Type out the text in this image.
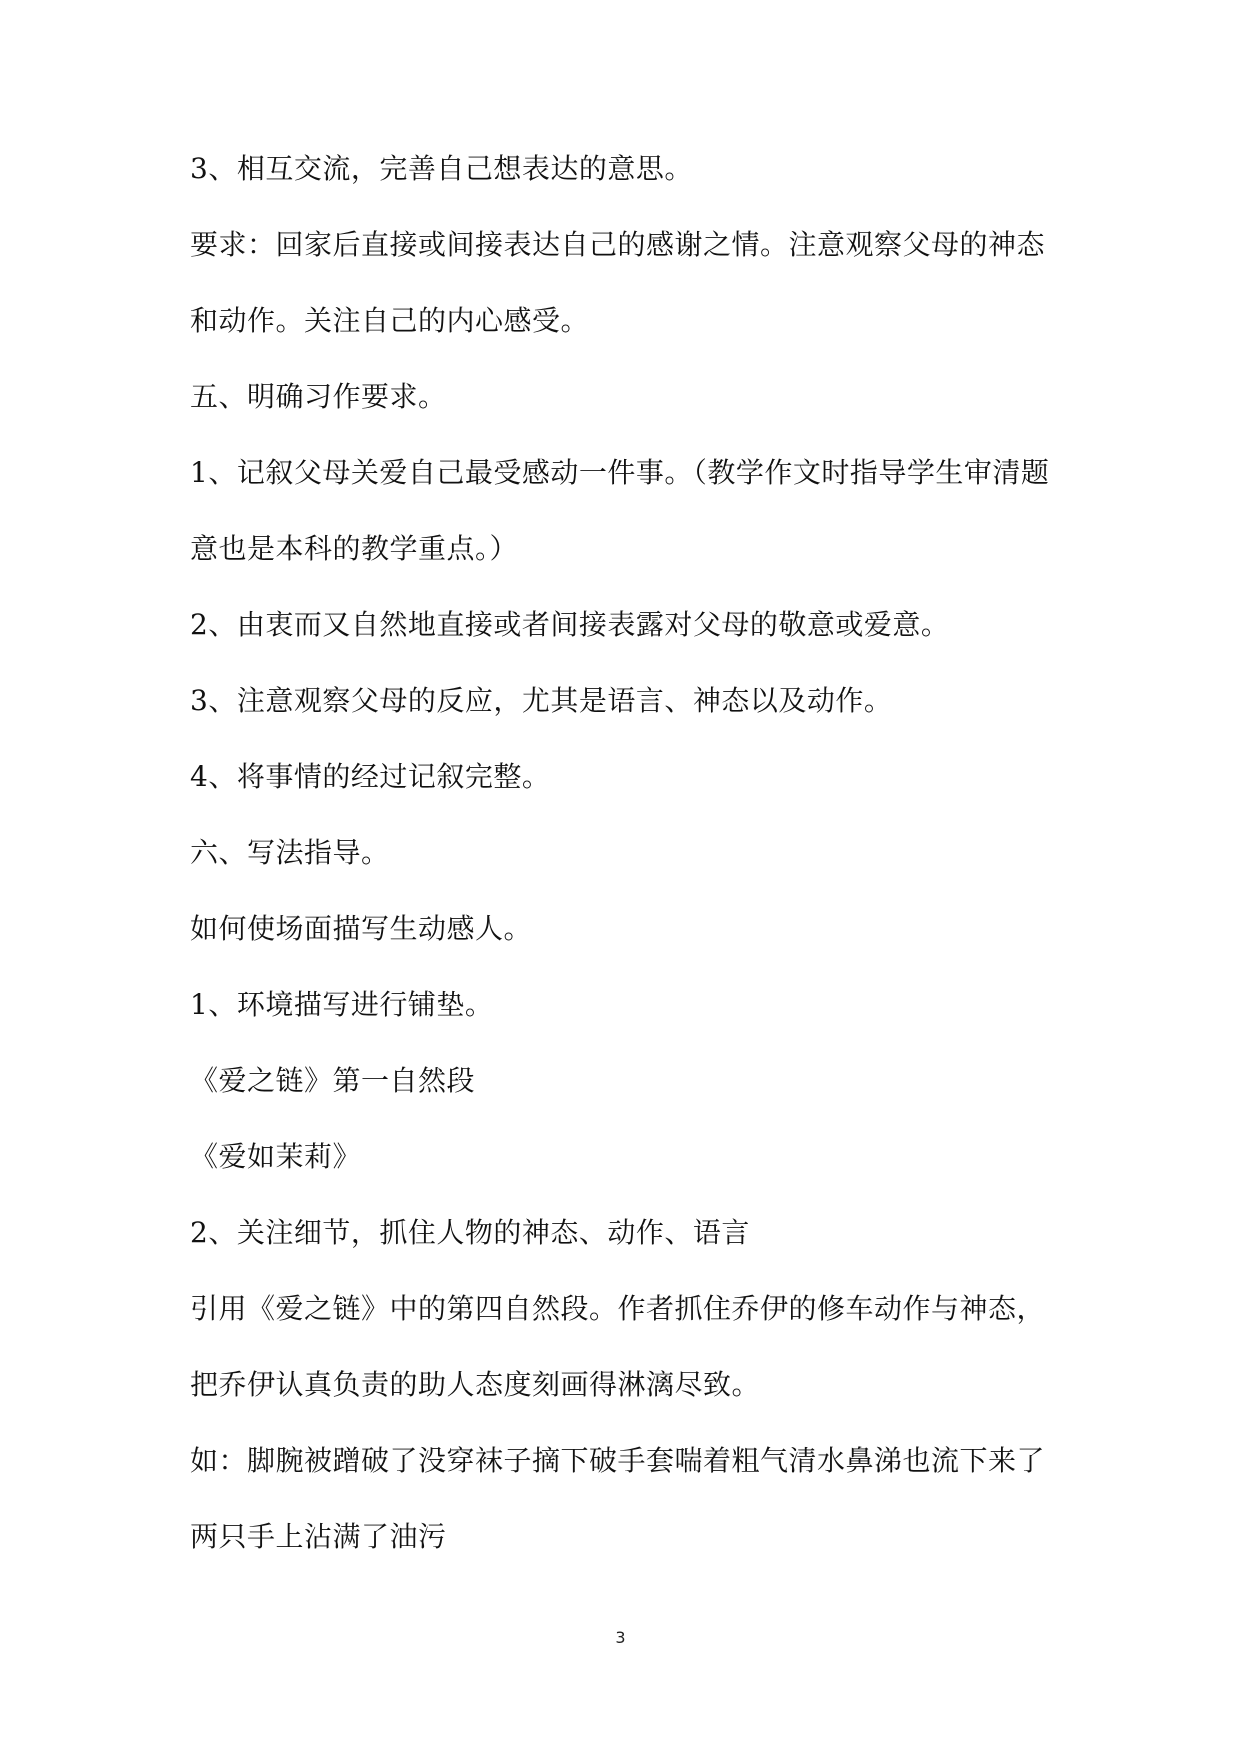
3、相互交流，完善自己想表达的意思。
要求：回家后直接或间接表达自己的感谢之情。注意观察父母的神态
和动作。关注自己的内心感受。
五、明确习作要求。
1、记叙父母关爱自己最受感动一件事。（教学作文时指导学生审清题
意也是本科的教学重点。）
2、由衷而又自然地直接或者间接表露对父母的敬意或爱意。
3、注意观察父母的反应，尤其是语言、神态以及动作。
4、将事情的经过记叙完整。
六、写法指导。
如何使场面描写生动感人。
1、环境描写进行铺垫。
《爱之链》第一自然段
《爱如茉莉》
2、关注细节，抓住人物的神态、动作、语言
引用《爱之链》中的第四自然段。作者抓住乔伊的修车动作与神态，
把乔伊认真负责的助人态度刻画得淋漓尽致。
如：脚腕被蹭破了没穿袜子摘下破手套喘着粗气清水鼻涕也流下来了
两只手上沾满了油污
3
